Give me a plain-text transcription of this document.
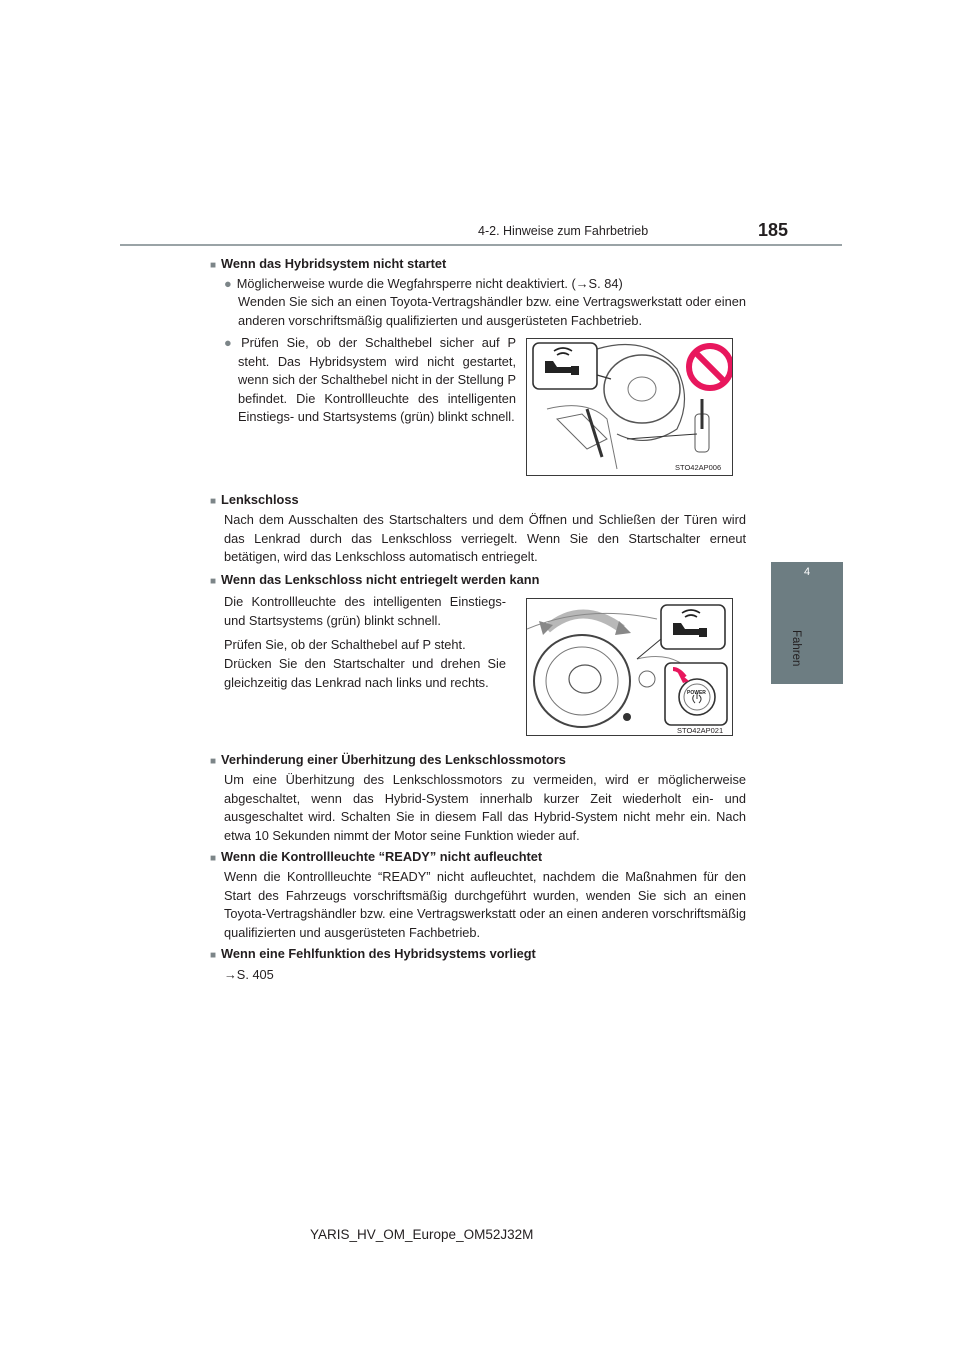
4-2. Hinweise zum Fahrbetrieb	185
4
Fahren
■ Wenn das Hybridsystem nicht startet
● Möglicherweise wurde die Wegfahrsperre nicht deaktiviert. (→S. 84)
Wenden Sie sich an einen Toyota-Vertragshändler bzw. eine Vertragswerkstatt oder einen anderen vorschriftsmäßig qualifizierten und ausgerüsteten Fachbetrieb.
● Prüfen Sie, ob der Schalthebel sicher auf P steht. Das Hybridsystem wird nicht gestartet, wenn sich der Schalthebel nicht in der Stellung P befindet. Die Kontrollleuchte des intelligenten Einstiegs- und Startsystems (grün) blinkt schnell.
STO42AP006
■ Lenkschloss
Nach dem Ausschalten des Startschalters und dem Öffnen und Schließen der Türen wird das Lenkrad durch das Lenkschloss verriegelt. Wenn Sie den Startschalter erneut betätigen, wird das Lenkschloss automatisch entriegelt.
■ Wenn das Lenkschloss nicht entriegelt werden kann
Die Kontrollleuchte des intelligenten Einstiegs- und Startsystems (grün) blinkt schnell.
Prüfen Sie, ob der Schalthebel auf P steht.
Drücken Sie den Startschalter und drehen Sie gleichzeitig das Lenkrad nach links und rechts.
POWER
STO42AP021
■ Verhinderung einer Überhitzung des Lenkschlossmotors
Um eine Überhitzung des Lenkschlossmotors zu vermeiden, wird er möglicherweise abgeschaltet, wenn das Hybrid-System innerhalb kurzer Zeit wiederholt ein- und ausgeschaltet wird. Schalten Sie in diesem Fall das Hybrid-System nicht mehr ein. Nach etwa 10 Sekunden nimmt der Motor seine Funktion wieder auf.
■ Wenn die Kontrollleuchte “READY” nicht aufleuchtet
Wenn die Kontrollleuchte “READY” nicht aufleuchtet, nachdem die Maßnahmen für den Start des Fahrzeugs vorschriftsmäßig durchgeführt wurden, wenden Sie sich an einen Toyota-Vertragshändler bzw. eine Vertragswerkstatt oder an einen anderen vorschriftsmäßig qualifizierten und ausgerüsteten Fachbetrieb.
■ Wenn eine Fehlfunktion des Hybridsystems vorliegt
→S. 405
YARIS_HV_OM_Europe_OM52J32M
